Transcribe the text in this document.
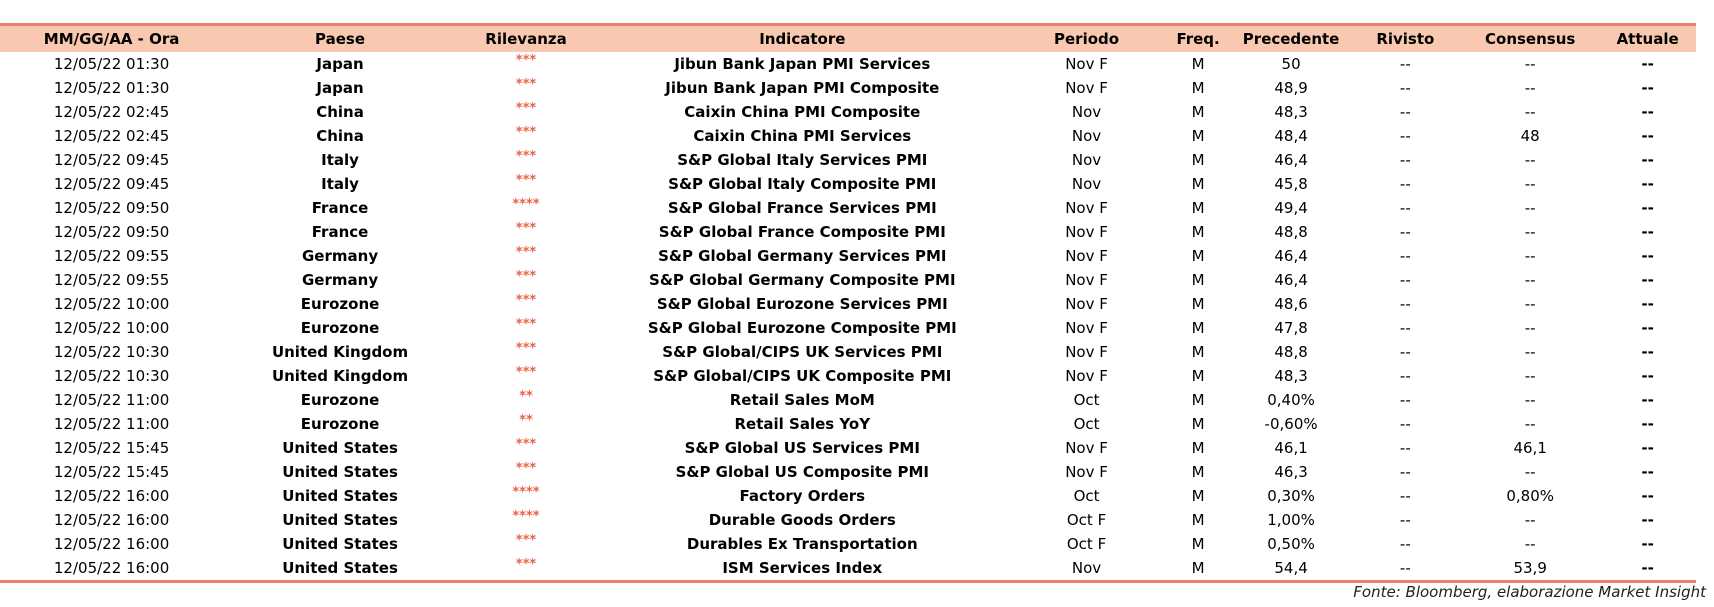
MM/GG/AA - Ora	Paese	Rilevanza	Indicatore	Periodo	Freq.	Precedente	Rivisto	Consensus	Attuale
12/05/22 01:30	Japan	***	Jibun Bank Japan PMI Services	Nov F	M	50	--	--	--
12/05/22 01:30	Japan	***	Jibun Bank Japan PMI Composite	Nov F	M	48,9	--	--	--
12/05/22 02:45	China	***	Caixin China PMI Composite	Nov	M	48,3	--	--	--
12/05/22 02:45	China	***	Caixin China PMI Services	Nov	M	48,4	--	48	--
12/05/22 09:45	Italy	***	S&P Global Italy Services PMI	Nov	M	46,4	--	--	--
12/05/22 09:45	Italy	***	S&P Global Italy Composite PMI	Nov	M	45,8	--	--	--
12/05/22 09:50	France	****	S&P Global France Services PMI	Nov F	M	49,4	--	--	--
12/05/22 09:50	France	***	S&P Global France Composite PMI	Nov F	M	48,8	--	--	--
12/05/22 09:55	Germany	***	S&P Global Germany Services PMI	Nov F	M	46,4	--	--	--
12/05/22 09:55	Germany	***	S&P Global Germany Composite PMI	Nov F	M	46,4	--	--	--
12/05/22 10:00	Eurozone	***	S&P Global Eurozone Services PMI	Nov F	M	48,6	--	--	--
12/05/22 10:00	Eurozone	***	S&P Global Eurozone Composite PMI	Nov F	M	47,8	--	--	--
12/05/22 10:30	United Kingdom	***	S&P Global/CIPS UK Services PMI	Nov F	M	48,8	--	--	--
12/05/22 10:30	United Kingdom	***	S&P Global/CIPS UK Composite PMI	Nov F	M	48,3	--	--	--
12/05/22 11:00	Eurozone	**	Retail Sales MoM	Oct	M	0,40%	--	--	--
12/05/22 11:00	Eurozone	**	Retail Sales YoY	Oct	M	-0,60%	--	--	--
12/05/22 15:45	United States	***	S&P Global US Services PMI	Nov F	M	46,1	--	46,1	--
12/05/22 15:45	United States	***	S&P Global US Composite PMI	Nov F	M	46,3	--	--	--
12/05/22 16:00	United States	****	Factory Orders	Oct	M	0,30%	--	0,80%	--
12/05/22 16:00	United States	****	Durable Goods Orders	Oct F	M	1,00%	--	--	--
12/05/22 16:00	United States	***	Durables Ex Transportation	Oct F	M	0,50%	--	--	--
12/05/22 16:00	United States	***	ISM Services Index	Nov	M	54,4	--	53,9	--
Fonte: Bloomberg, elaborazione Market Insight
